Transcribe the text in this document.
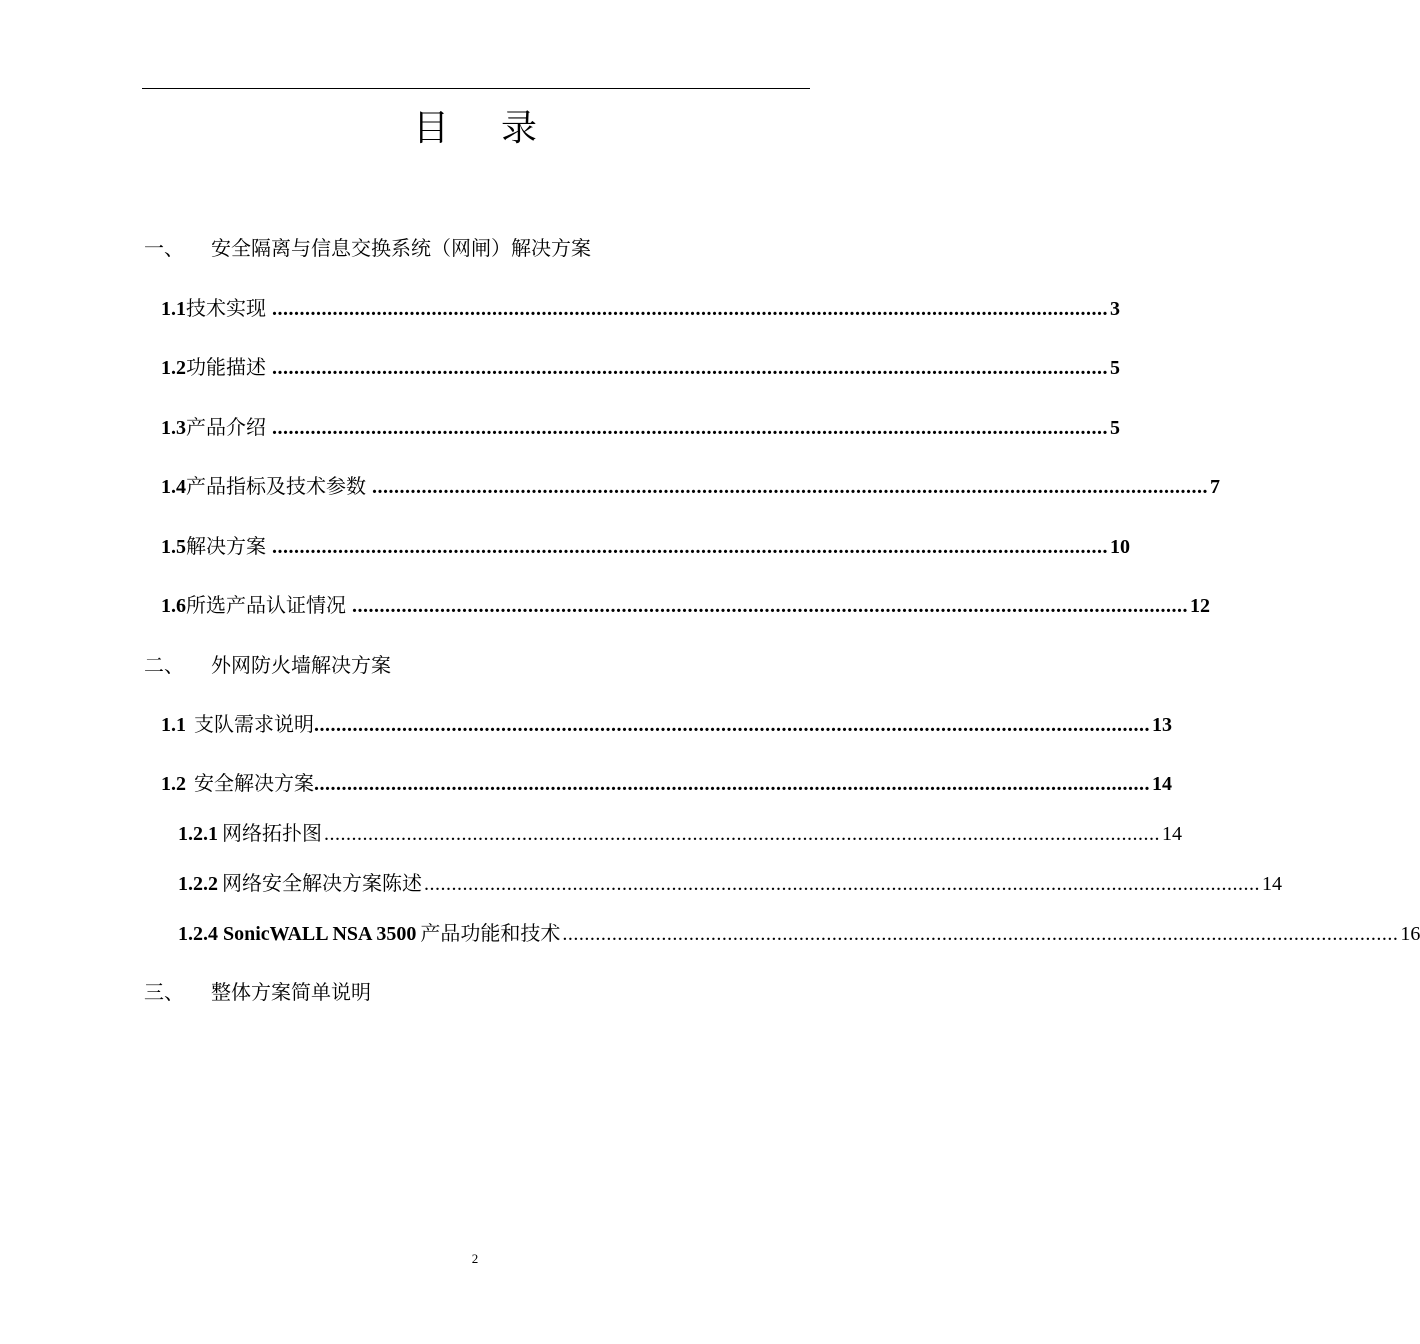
目录
一、	安全隔离与信息交换系统（网闸）解决方案
1.1 技术实现 ........................................................................................................................................................ 3
1.2 功能描述 ........................................................................................................................................................ 5
1.3 产品介绍 ........................................................................................................................................................ 5
1.4 产品指标及技术参数 ........................................................................................................................................................ 7
1.5 解决方案 ........................................................................................................................................................ 10
1.6 所选产品认证情况 ........................................................................................................................................................ 12
二、	外网防火墙解决方案
1.1 支队需求说明 ........................................................................................................................................................ 13
1.2 安全解决方案 ........................................................................................................................................................ 14
1.2.1 网络拓扑图 ........................................................................................................................................................ 14
1.2.2 网络安全解决方案陈述 ........................................................................................................................................................ 14
1.2.4 SonicWALL NSA 3500 产品功能和技术 ........................................................................................................................................................ 16
三、	整体方案简单说明
2
